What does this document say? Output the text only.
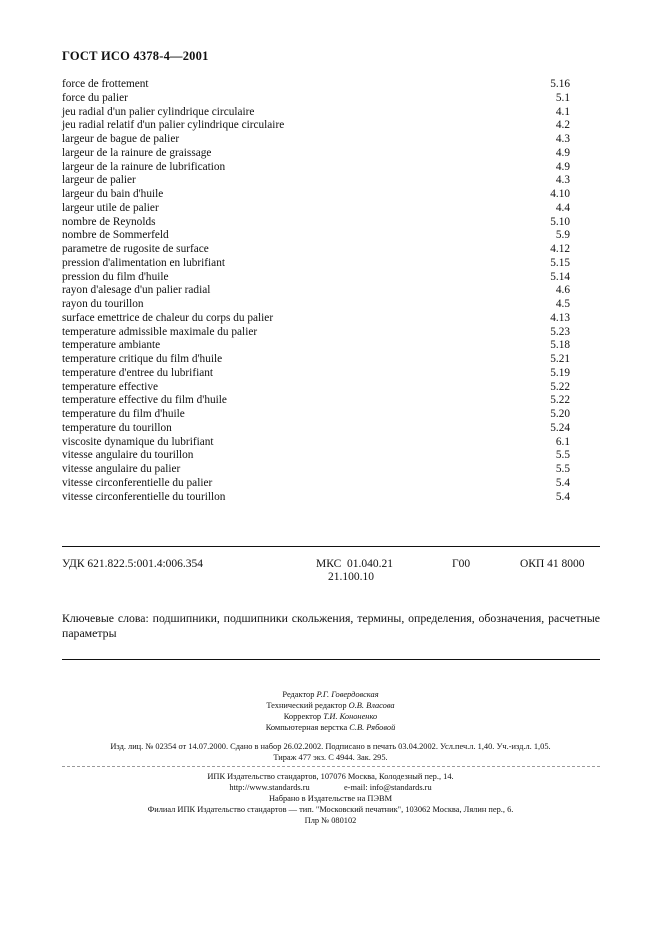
ГОСТ ИСО 4378-4—2001
force de frottement	5.16
force du palier	5.1
jeu radial d'un palier cylindrique circulaire	4.1
jeu radial relatif d'un palier cylindrique circulaire	4.2
largeur de bague de palier	4.3
largeur de la rainure de graissage	4.9
largeur de la rainure de lubrification	4.9
largeur de palier	4.3
largeur du bain d'huile	4.10
largeur utile de palier	4.4
nombre de Reynolds	5.10
nombre de Sommerfeld	5.9
parametre de rugosite de surface	4.12
pression d'alimentation en lubrifiant	5.15
pression du film d'huile	5.14
rayon d'alesage d'un palier radial	4.6
rayon du tourillon	4.5
surface emettrice de chaleur du corps du palier	4.13
temperature admissible maximale du palier	5.23
temperature ambiante	5.18
temperature critique du film d'huile	5.21
temperature d'entree du lubrifiant	5.19
temperature effective	5.22
temperature effective du film d'huile	5.22
temperature du film d'huile	5.20
temperature du tourillon	5.24
viscosite dynamique du lubrifiant	6.1
vitesse angulaire du tourillon	5.5
vitesse angulaire du palier	5.5
vitesse circonferentielle du palier	5.4
vitesse circonferentielle du tourillon	5.4
УДК 621.822.5:001.4:006.354	МКС 01.040.21
21.100.10
Г00	ОКП 41 8000
Ключевые слова: подшипники, подшипники скольжения, термины, определения, обозначения, расчетные параметры
Редактор Р.Г. Говердовская
Технический редактор О.В. Власова
Корректор Т.И. Кононенко
Компьютерная верстка С.В. Рябовой
Изд. лиц. № 02354 от 14.07.2000. Сдано в набор 26.02.2002. Подписано в печать 03.04.2002. Усл.печ.л. 1,40. Уч.-изд.л. 1,05.
Тираж 477 экз. С 4944. Зак. 295.
ИПК Издательство стандартов, 107076 Москва, Колодезный пер., 14.
http://www.standards.ru	e-mail: info@standards.ru
Набрано в Издательстве на ПЭВМ
Филиал ИПК Издательство стандартов — тип. "Московский печатник", 103062 Москва, Лялин пер., 6.
Плр № 080102
